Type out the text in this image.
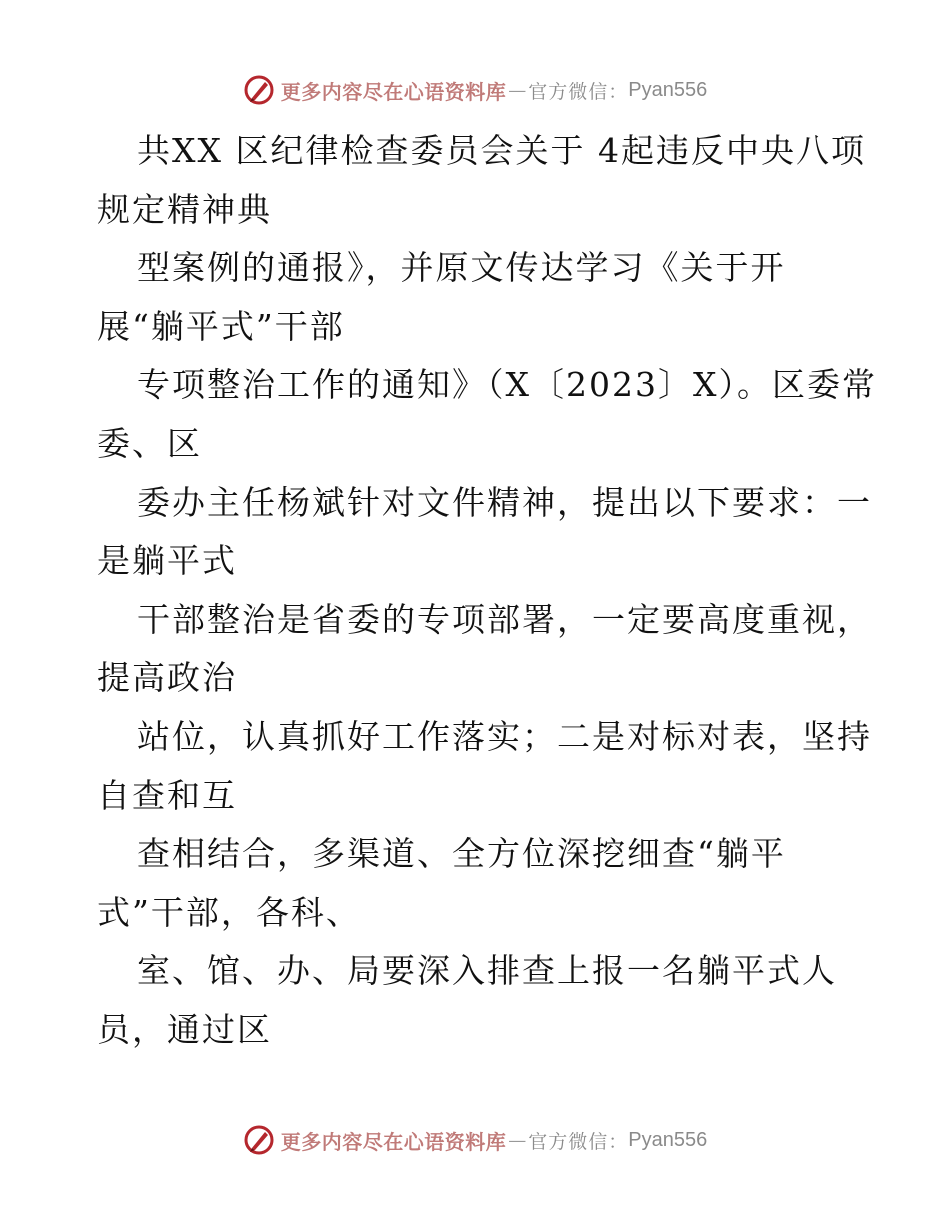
更多内容尽在心语资料库 — 官方微信： Pyan556
共XX 区纪律检查委员会关于 4起违反中央八项
规定精神典
型案例的通报》，并原文传达学习《关于开
展“躺平式”干部
专项整治工作的通知》（X〔2023〕X）。区委常
委、区
委办主任杨斌针对文件精神，提出以下要求：一
是躺平式
干部整治是省委的专项部署，一定要高度重视，
提高政治
站位，认真抓好工作落实；二是对标对表，坚持
自查和互
查相结合，多渠道、全方位深挖细查“躺平
式”干部，各科、
室、馆、办、局要深入排查上报一名躺平式人
员，通过区
更多内容尽在心语资料库 — 官方微信： Pyan556
